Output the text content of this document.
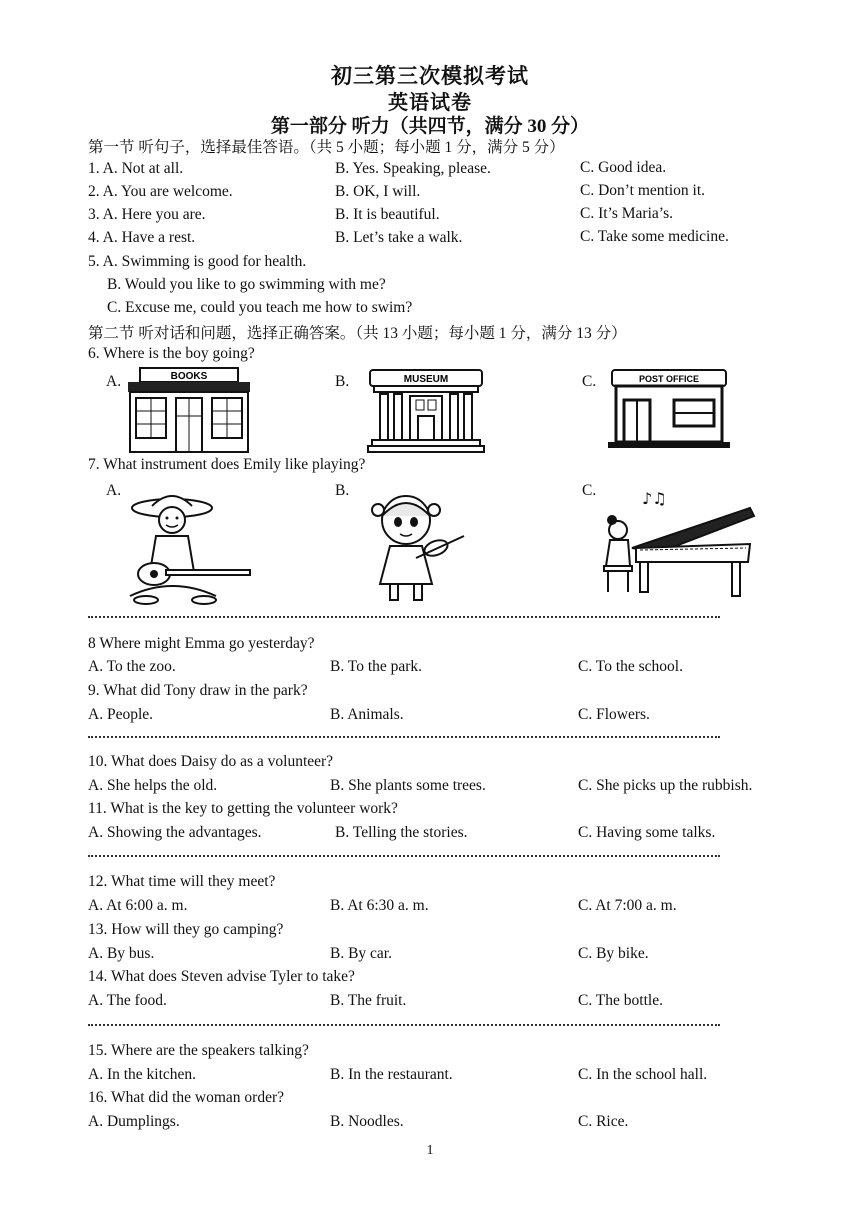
初三第三次模拟考试
英语试卷
第一部分 听力（共四节，满分 30 分）
第一节 听句子，选择最佳答语。（共 5 小题；每小题 1 分，满分 5 分）
1. A. Not at all.	B. Yes. Speaking, please.	C. Good idea.
2. A. You are welcome.	B. OK, I will.	C. Don’t mention it.
3. A. Here you are.	B. It is beautiful.	C. It’s Maria’s.
4. A. Have a rest.	B. Let’s take a walk.	C. Take some medicine.
5. A. Swimming is good for health.
B. Would you like to go swimming with me?
C. Excuse me, could you teach me how to swim?
第二节 听对话和问题，选择正确答案。（共 13 小题；每小题 1 分，满分 13 分）
6. Where is the boy going?
A.	B.	C.
BOOKS	MUSEUM	POST OFFICE
7. What instrument does Emily like playing?
A.	B.	C.	♪♫
8 Where might Emma go yesterday?
A. To the zoo.	B. To the park.	C. To the school.
9. What did Tony draw in the park?
A. People.	B. Animals.	C. Flowers.
10. What does Daisy do as a volunteer?
A. She helps the old.	B. She plants some trees.	C. She picks up the rubbish.
11. What is the key to getting the volunteer work?
A. Showing the advantages.	B. Telling the stories.	C. Having some talks.
12. What time will they meet?
A. At 6:00 a. m.	B. At 6:30 a. m.	C. At 7:00 a. m.
13. How will they go camping?
A. By bus.	B. By car.	C. By bike.
14. What does Steven advise Tyler to take?
A. The food.	B. The fruit.	C. The bottle.
15. Where are the speakers talking?
A. In the kitchen.	B. In the restaurant.	C. In the school hall.
16. What did the woman order?
A. Dumplings.	B. Noodles.	C. Rice.
1
